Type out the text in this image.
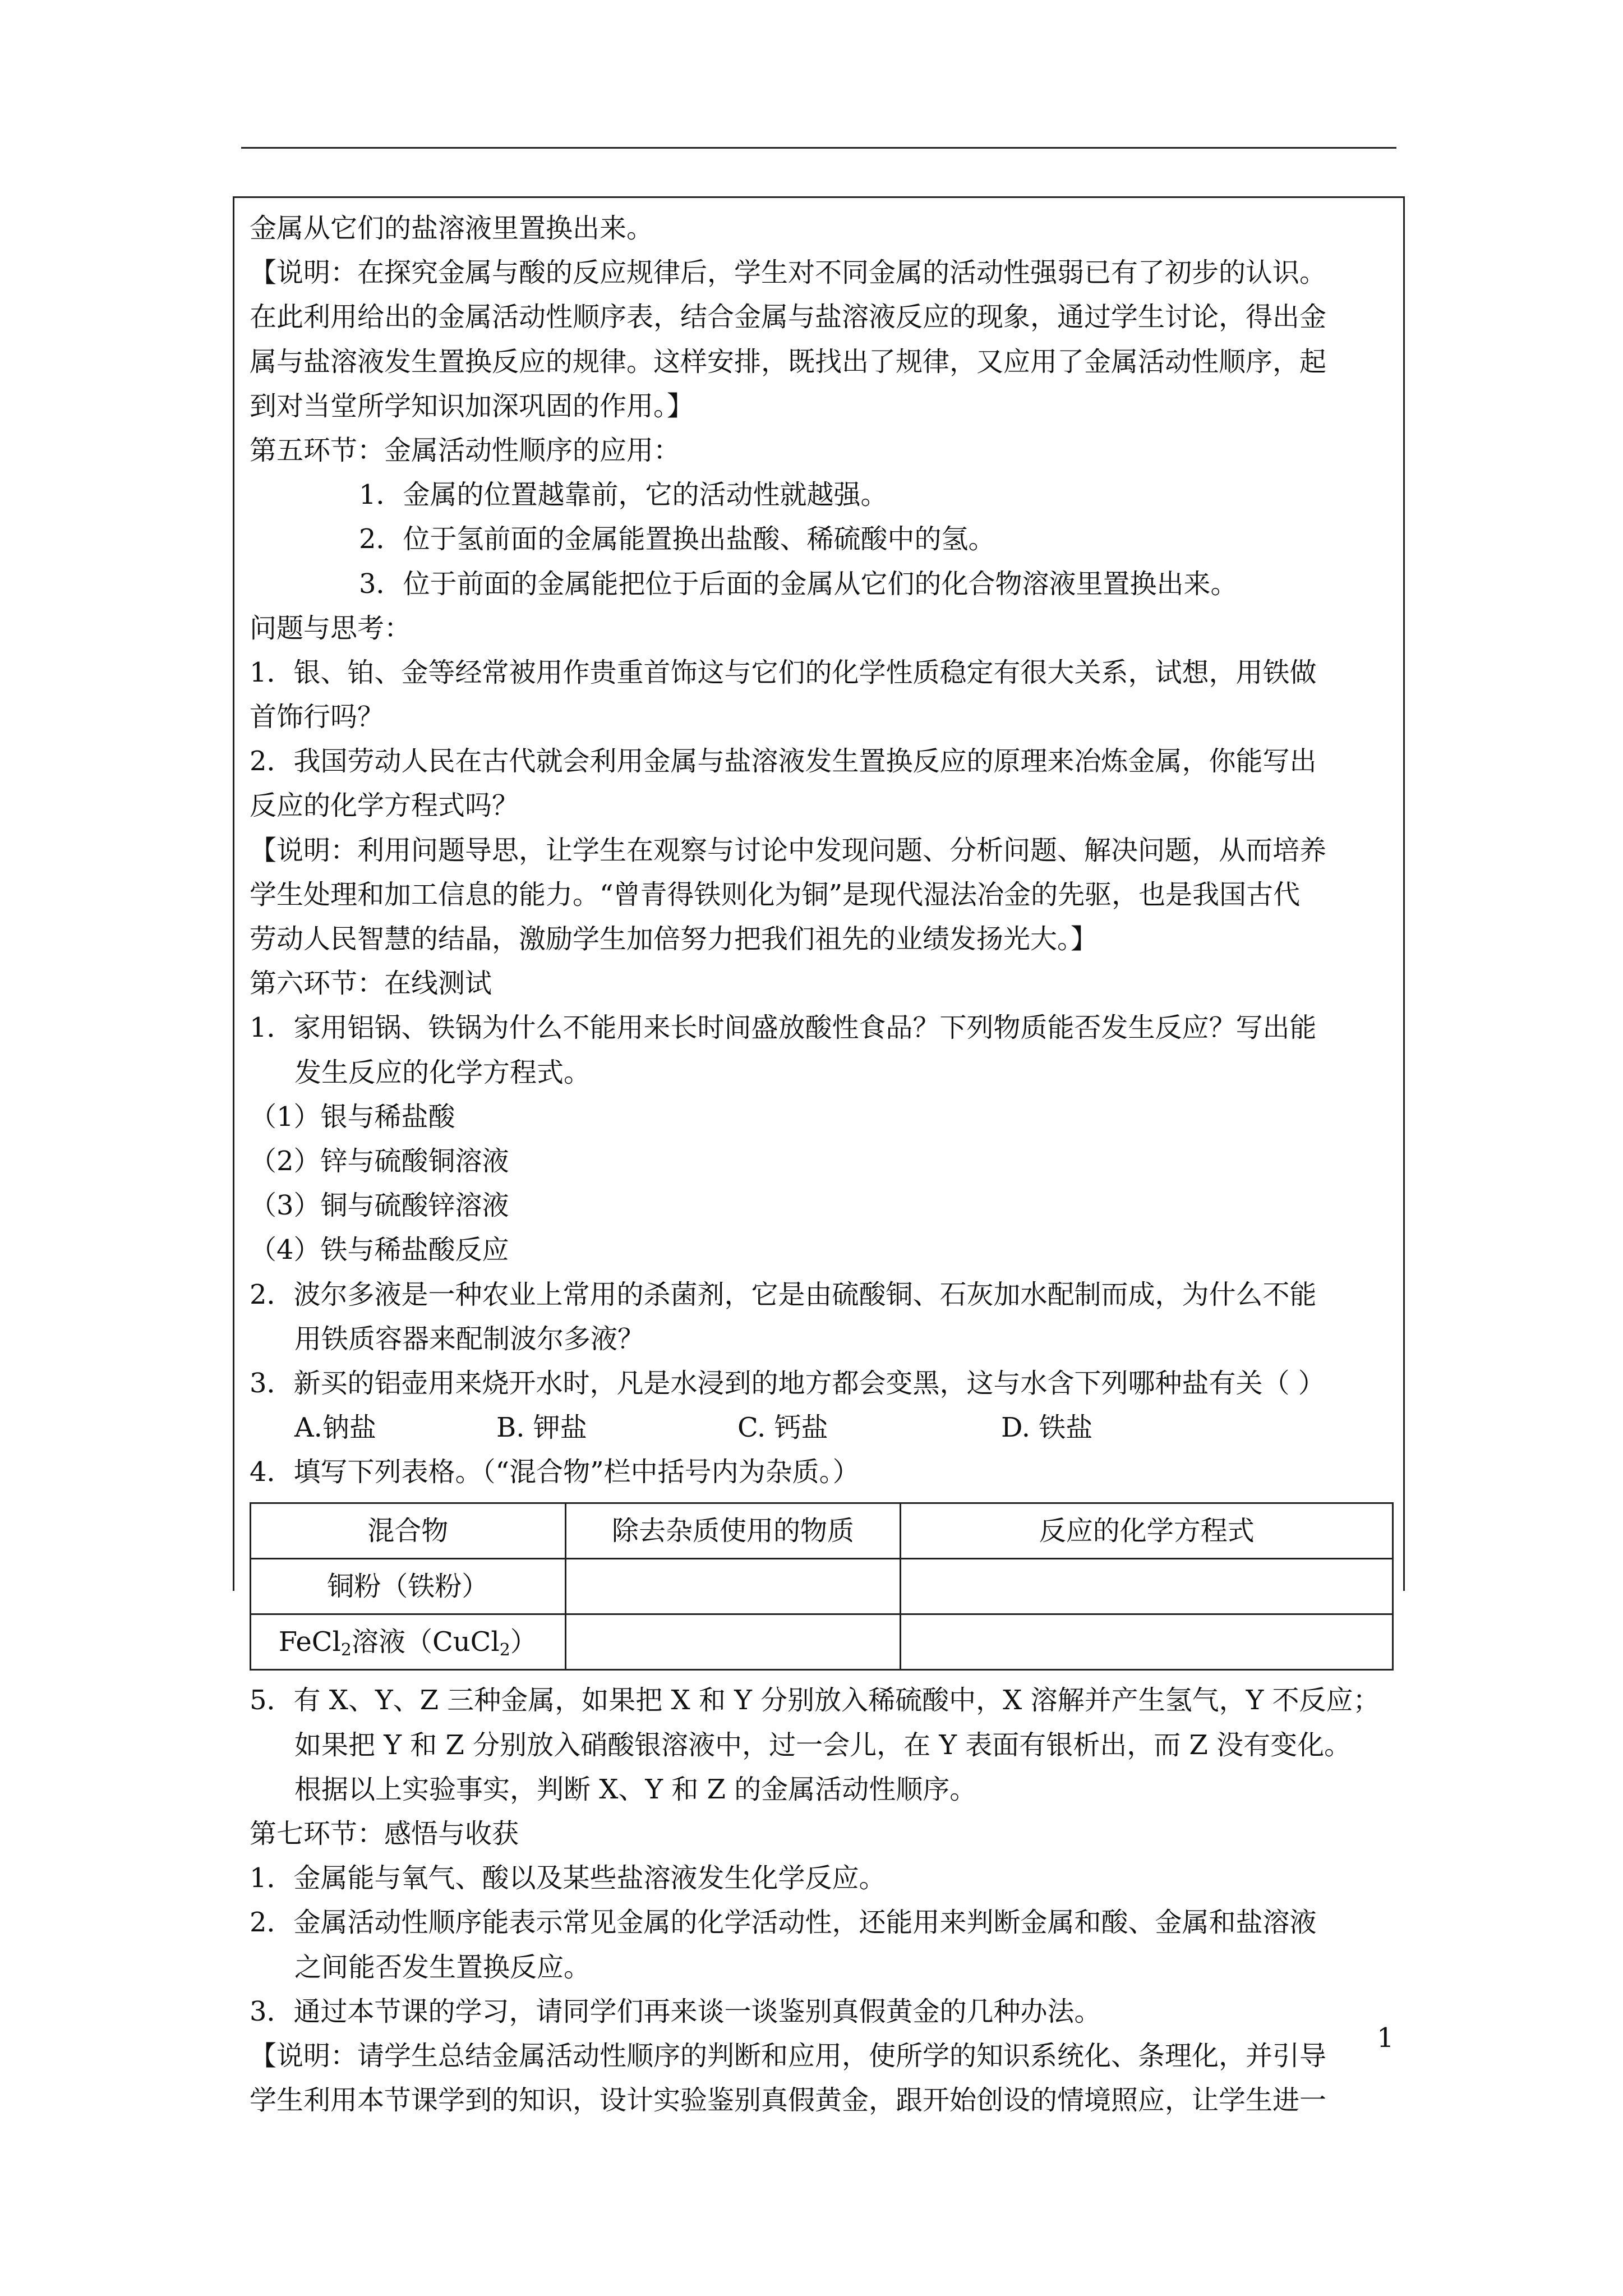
金属从它们的盐溶液里置换出来。
【说明：在探究金属与酸的反应规律后，学生对不同金属的活动性强弱已有了初步的认识。
在此利用给出的金属活动性顺序表，结合金属与盐溶液反应的现象，通过学生讨论，得出金
属与盐溶液发生置换反应的规律。这样安排，既找出了规律，又应用了金属活动性顺序，起
到对当堂所学知识加深巩固的作用。】
第五环节：金属活动性顺序的应用：
1．金属的位置越靠前，它的活动性就越强。
2．位于氢前面的金属能置换出盐酸、稀硫酸中的氢。
3．位于前面的金属能把位于后面的金属从它们的化合物溶液里置换出来。
问题与思考：
1．银、铂、金等经常被用作贵重首饰这与它们的化学性质稳定有很大关系，试想，用铁做
首饰行吗？
2．我国劳动人民在古代就会利用金属与盐溶液发生置换反应的原理来冶炼金属，你能写出
反应的化学方程式吗？
【说明：利用问题导思，让学生在观察与讨论中发现问题、分析问题、解决问题，从而培养
学生处理和加工信息的能力。“曾青得铁则化为铜”是现代湿法冶金的先驱，也是我国古代
劳动人民智慧的结晶，激励学生加倍努力把我们祖先的业绩发扬光大。】
第六环节：在线测试
1．家用铝锅、铁锅为什么不能用来长时间盛放酸性食品？下列物质能否发生反应？写出能
发生反应的化学方程式。
（1）银与稀盐酸
（2）锌与硫酸铜溶液
（3）铜与硫酸锌溶液
（4）铁与稀盐酸反应
2．波尔多液是一种农业上常用的杀菌剂，它是由硫酸铜、石灰加水配制而成，为什么不能
用铁质容器来配制波尔多液？
3．新买的铝壶用来烧开水时，凡是水浸到的地方都会变黑，这与水含下列哪种盐有关（ ）
A.钠盐	B. 钾盐	C. 钙盐	D. 铁盐
4．填写下列表格。（“混合物”栏中括号内为杂质。）
混合物	除去杂质使用的物质	反应的化学方程式
铜粉（铁粉）		
FeCl$_2$溶液（CuCl$_2$）		
5．有 X、Y、Z 三种金属，如果把 X 和 Y 分别放入稀硫酸中，X 溶解并产生氢气，Y 不反应；
如果把 Y 和 Z 分别放入硝酸银溶液中，过一会儿，在 Y 表面有银析出，而 Z 没有变化。
根据以上实验事实，判断 X、Y 和 Z 的金属活动性顺序。
第七环节：感悟与收获
1．金属能与氧气、酸以及某些盐溶液发生化学反应。
2．金属活动性顺序能表示常见金属的化学活动性，还能用来判断金属和酸、金属和盐溶液
之间能否发生置换反应。
3．通过本节课的学习，请同学们再来谈一谈鉴别真假黄金的几种办法。
【说明：请学生总结金属活动性顺序的判断和应用，使所学的知识系统化、条理化，并引导
学生利用本节课学到的知识，设计实验鉴别真假黄金，跟开始创设的情境照应，让学生进一
1
